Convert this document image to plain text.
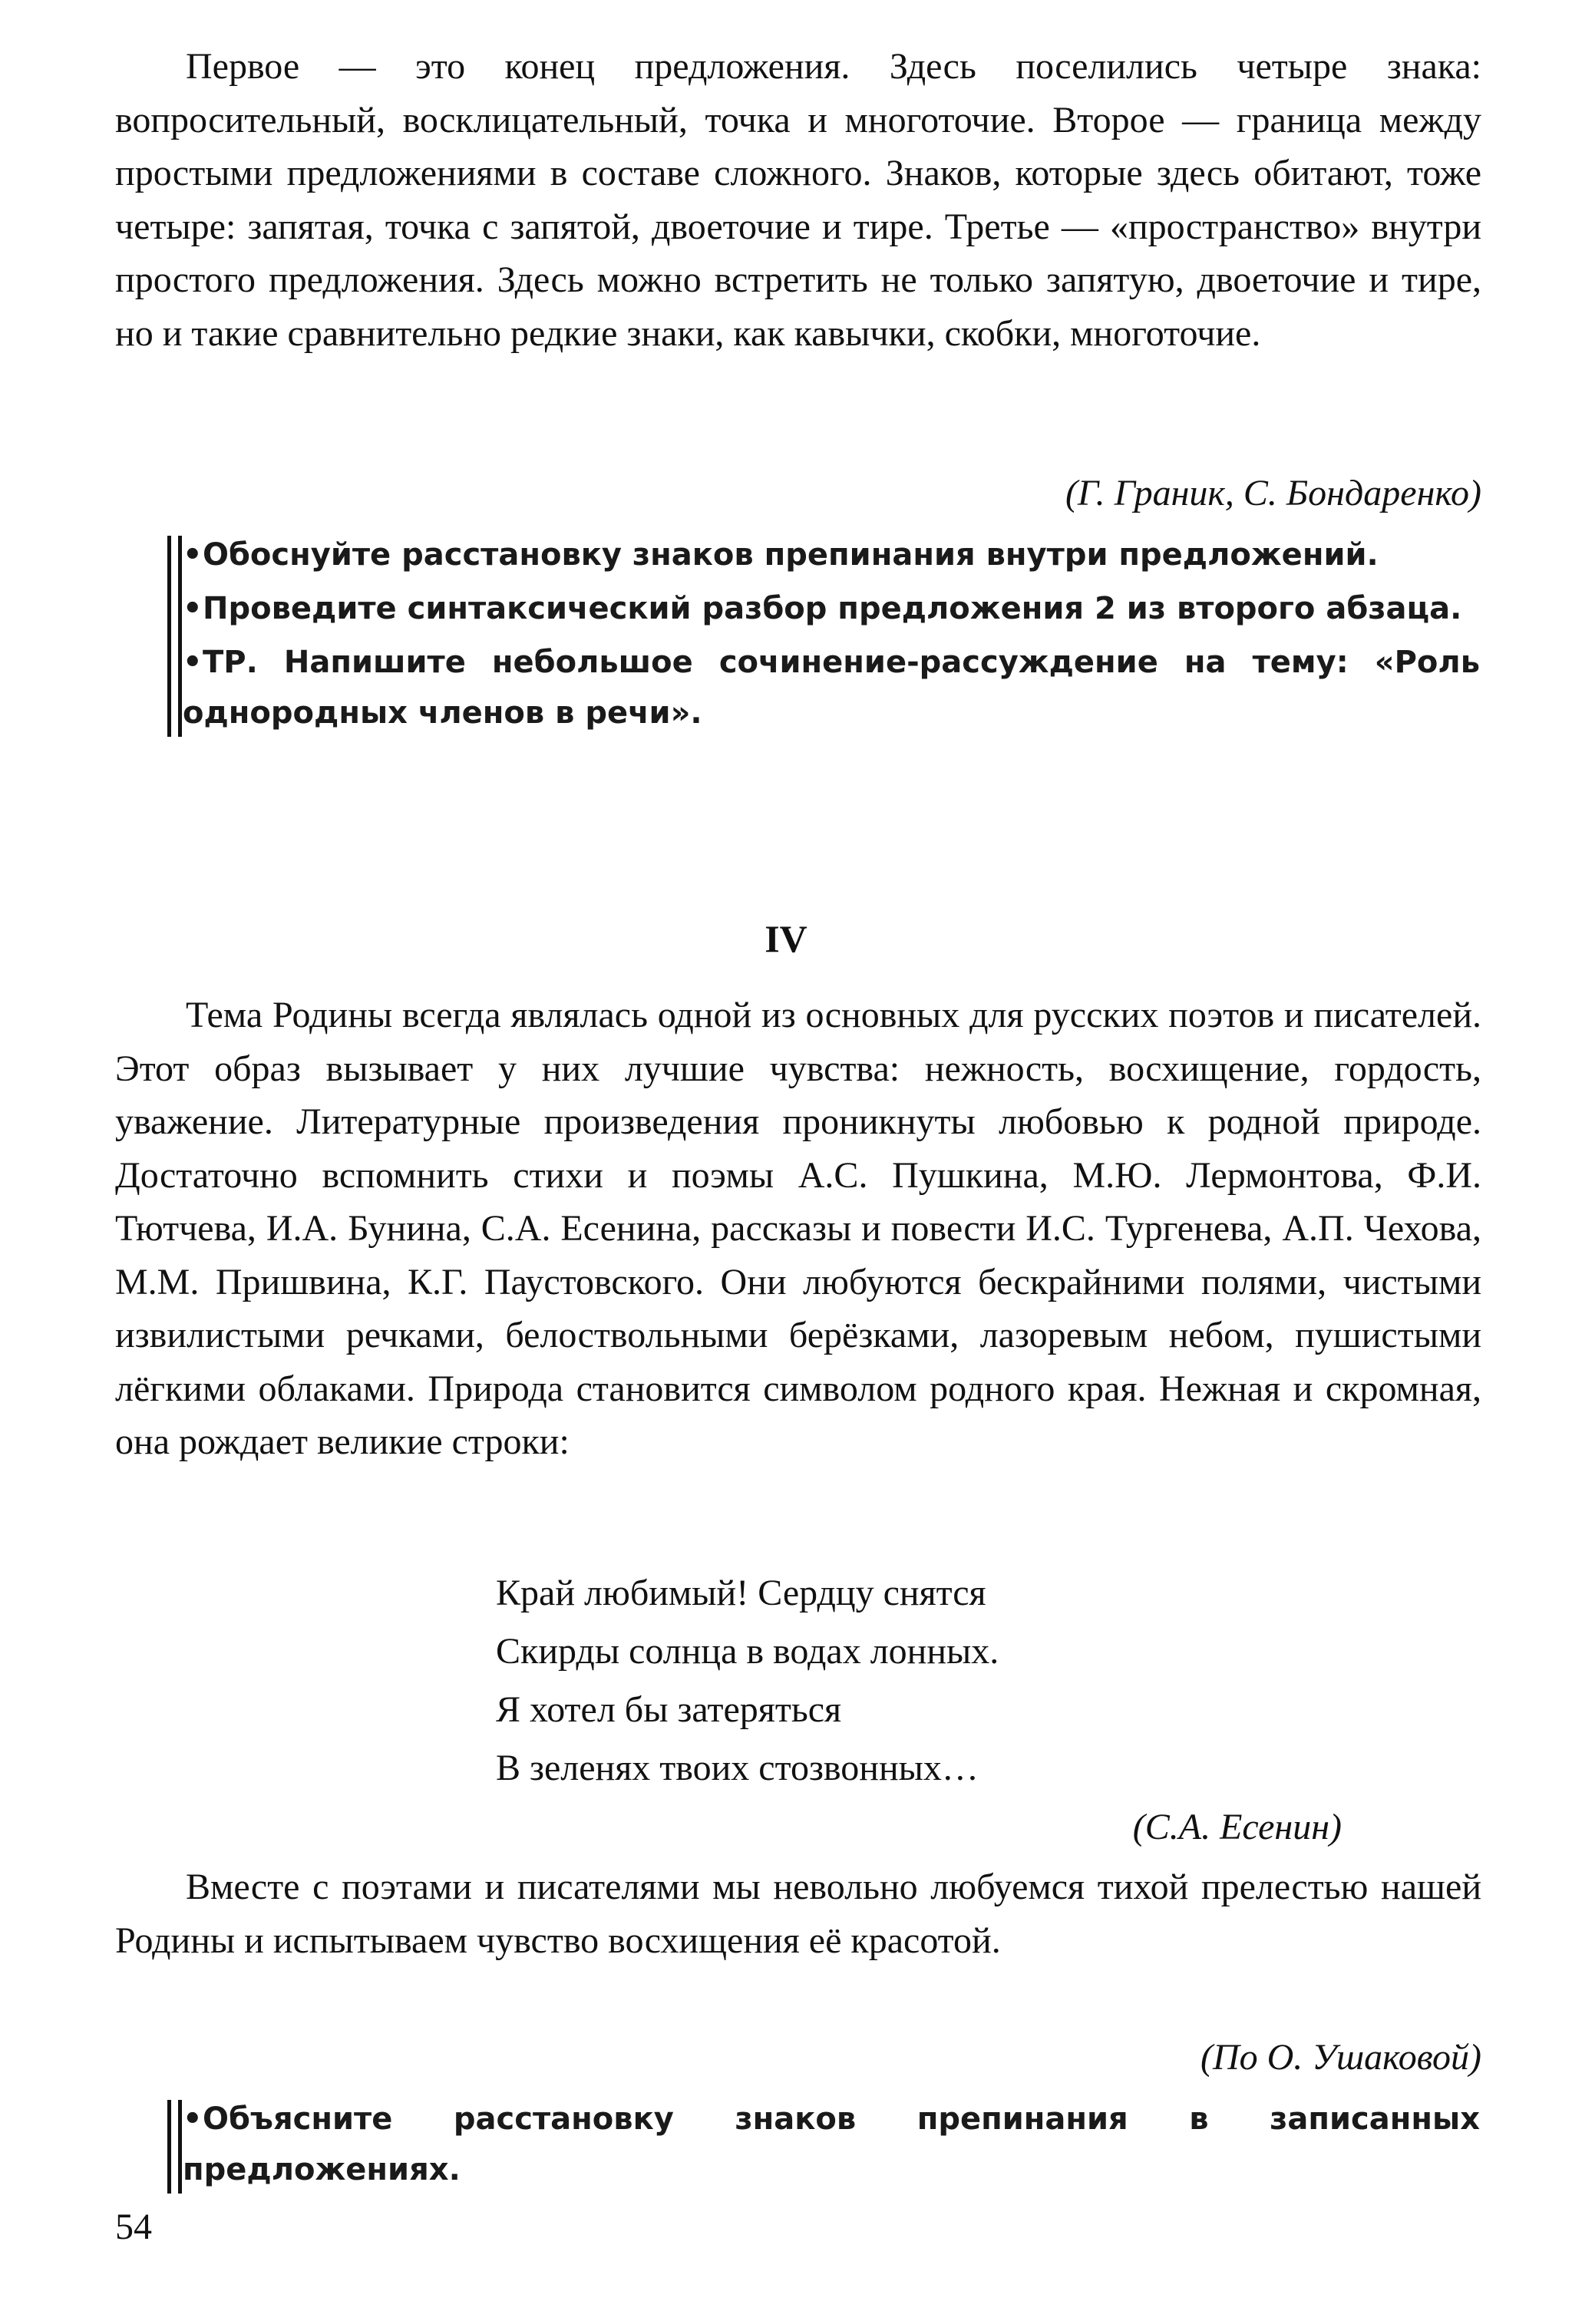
Первое — это конец предложения. Здесь поселились четыре знака: вопросительный, восклицательный, точка и многоточие. Второе — граница между простыми предложениями в составе сложного. Знаков, которые здесь обитают, тоже четыре: запятая, точка с запятой, двоеточие и тире. Третье — «пространство» внутри простого предложения. Здесь можно встретить не только запятую, двоеточие и тире, но и такие сравнительно редкие знаки, как кавычки, скобки, многоточие.

(Г. Граник, С. Бондаренко)

•Обоснуйте расстановку знаков препинания внутри предложений.

•Проведите синтаксический разбор предложения 2 из второго абзаца.

•ТР. Напишите небольшое сочинение-рассуждение на тему: «Роль однородных членов в речи».

IV

Тема Родины всегда являлась одной из основных для русских поэтов и писателей. Этот образ вызывает у них лучшие чувства: нежность, восхищение, гордость, уважение. Литературные произведения проникнуты любовью к родной природе. Достаточно вспомнить стихи и поэмы А.С. Пушкина, М.Ю. Лермонтова, Ф.И. Тютчева, И.А. Бунина, С.А. Есенина, рассказы и повести И.С. Тургенева, А.П. Чехова, М.М. Пришвина, К.Г. Паустовского. Они любуются бескрайними полями, чистыми извилистыми речками, белоствольными берёзками, лазоревым небом, пушистыми лёгкими облаками. Природа становится символом родного края. Нежная и скромная, она рождает великие строки:

Край любимый! Сердцу снятся

Скирды солнца в водах лонных.

Я хотел бы затеряться

В зеленях твоих стозвонных…

(С.А. Есенин)

Вместе с поэтами и писателями мы невольно любуемся тихой прелестью нашей Родины и испытываем чувство восхищения её красотой.

(По О. Ушаковой)

•Объясните расстановку знаков препинания в записанных предложениях.

54
